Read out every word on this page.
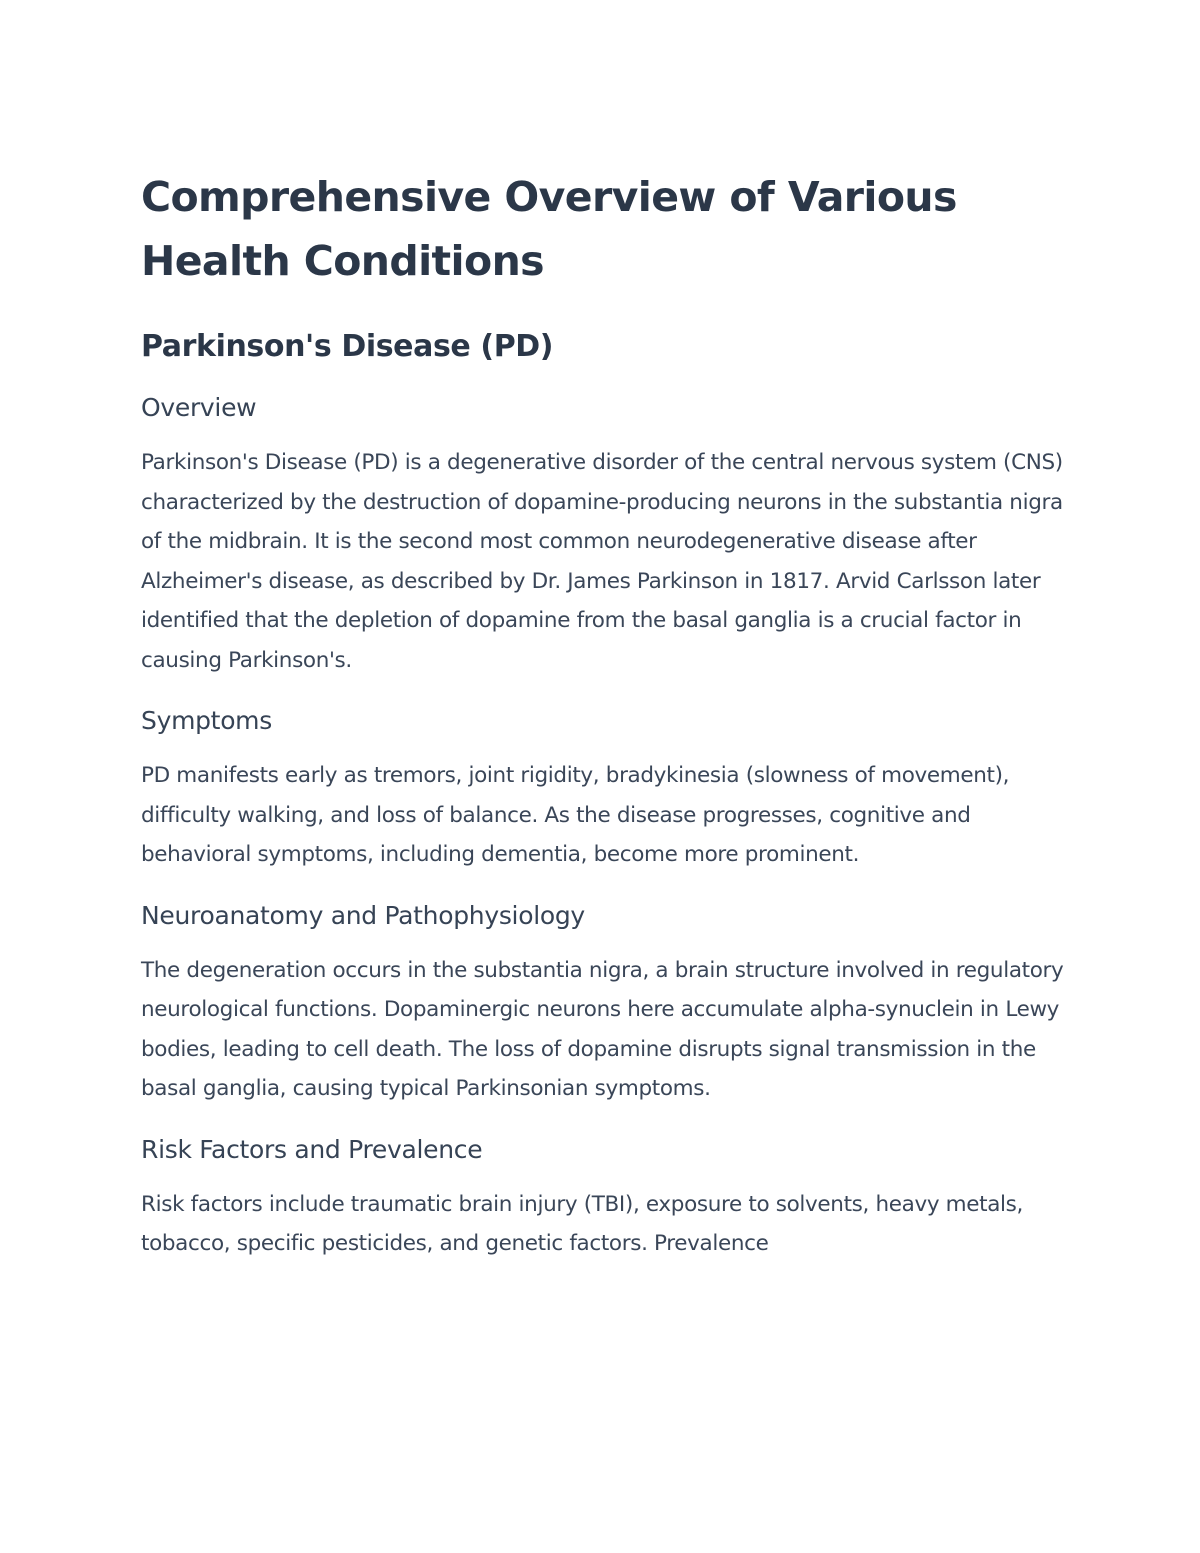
Comprehensive Overview of Various Health Conditions
Parkinson's Disease (PD)
Overview

Parkinson's Disease (PD) is a degenerative disorder of the central nervous system (CNS) characterized by the destruction of dopamine-producing neurons in the substantia nigra of the midbrain. It is the second most common neurodegenerative disease after Alzheimer's disease, as described by Dr. James Parkinson in 1817. Arvid Carlsson later identified that the depletion of dopamine from the basal ganglia is a crucial factor in causing Parkinson's.

Symptoms

PD manifests early as tremors, joint rigidity, bradykinesia (slowness of movement), difficulty walking, and loss of balance. As the disease progresses, cognitive and behavioral symptoms, including dementia, become more prominent.

Neuroanatomy and Pathophysiology

The degeneration occurs in the substantia nigra, a brain structure involved in regulatory neurological functions. Dopaminergic neurons here accumulate alpha-synuclein in Lewy bodies, leading to cell death. The loss of dopamine disrupts signal transmission in the basal ganglia, causing typical Parkinsonian symptoms.

Risk Factors and Prevalence

Risk factors include traumatic brain injury (TBI), exposure to solvents, heavy metals, tobacco, specific pesticides, and genetic factors. Prevalence
